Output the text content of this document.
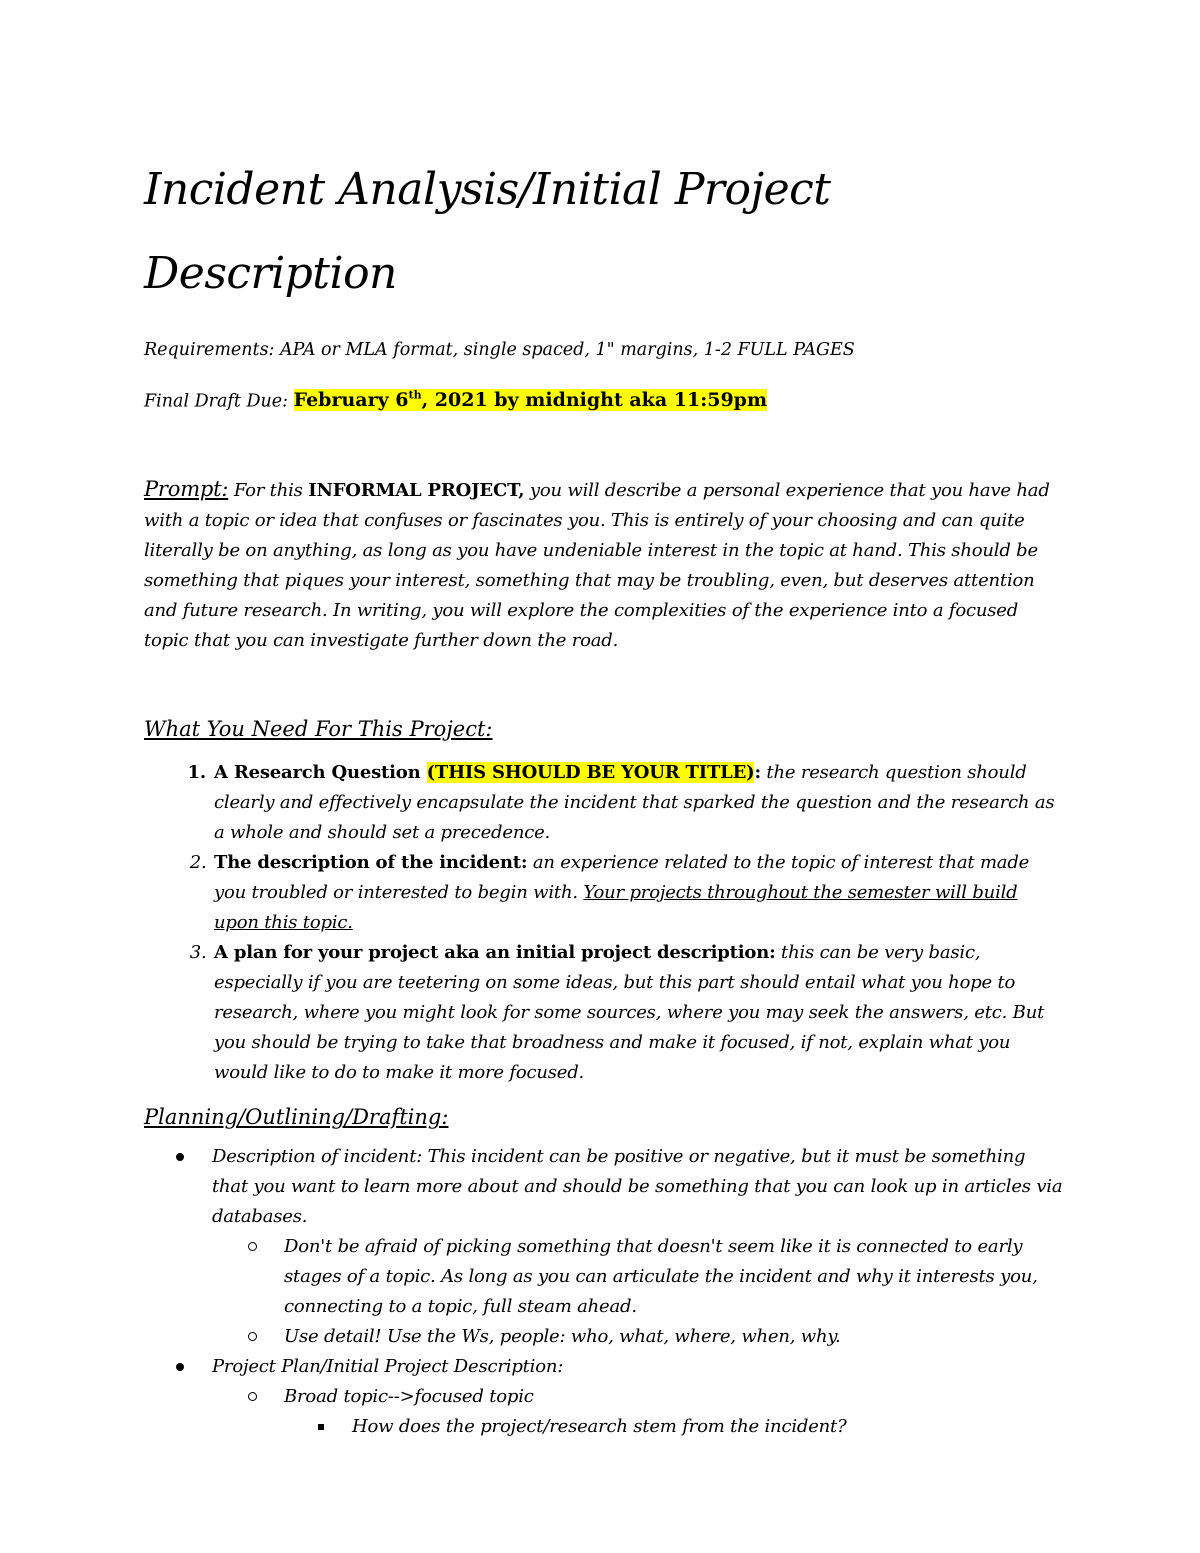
Incident Analysis/Initial Project Description

Requirements: APA or MLA format, single spaced, 1" margins, 1-2 FULL PAGES

Final Draft Due: February 6th, 2021 by midnight aka 11:59pm

Prompt: For this INFORMAL PROJECT, you will describe a personal experience that you have had with a topic or idea that confuses or fascinates you. This is entirely of your choosing and can quite literally be on anything, as long as you have undeniable interest in the topic at hand. This should be something that piques your interest, something that may be troubling, even, but deserves attention and future research. In writing, you will explore the complexities of the experience into a focused topic that you can investigate further down the road.

What You Need For This Project:
1. A Research Question (THIS SHOULD BE YOUR TITLE): the research question should clearly and effectively encapsulate the incident that sparked the question and the research as a whole and should set a precedence.
2. The description of the incident: an experience related to the topic of interest that made you troubled or interested to begin with. Your projects throughout the semester will build upon this topic.
3. A plan for your project aka an initial project description: this can be very basic, especially if you are teetering on some ideas, but this part should entail what you hope to research, where you might look for some sources, where you may seek the answers, etc. But you should be trying to take that broadness and make it focused, if not, explain what you would like to do to make it more focused.
Planning/Outlining/Drafting:
Description of incident: This incident can be positive or negative, but it must be something that you want to learn more about and should be something that you can look up in articles via databases.
Don't be afraid of picking something that doesn't seem like it is connected to early stages of a topic. As long as you can articulate the incident and why it interests you, connecting to a topic, full steam ahead.
Use detail! Use the Ws, people: who, what, where, when, why.
Project Plan/Initial Project Description:
Broad topic-->focused topic
How does the project/research stem from the incident?
